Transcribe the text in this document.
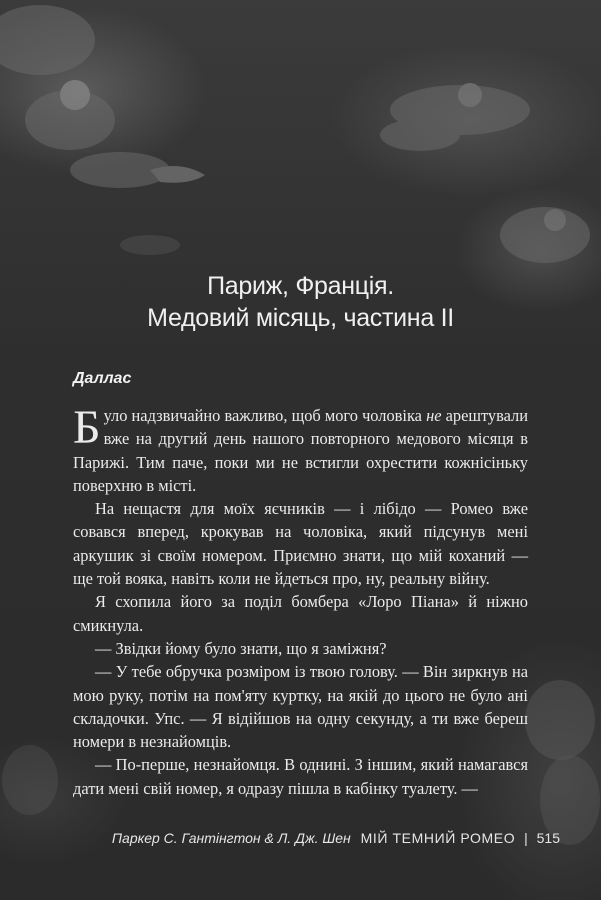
Париж, Франція.
Медовий місяць, частина II
Даллас

Було надзвичайно важливо, щоб мого чоловіка не арештували вже на другий день нашого повторного медового місяця в Парижі. Тим паче, поки ми не встигли охрестити кожнісіньку поверхню в місті.

На нещастя для моїх яєчників — і лібідо — Ромео вже совався вперед, крокував на чоловіка, який підсунув мені аркушик зі своїм номером. Приємно знати, що мій коханий — ще той вояка, навіть коли не йдеться про, ну, реальну війну.

Я схопила його за поділ бомбера «Лоро Піана» й ніжно смикнула.

— Звідки йому було знати, що я заміжня?

— У тебе обручка розміром із твою голову. — Він зиркнув на мою руку, потім на пом'яту куртку, на якій до цього не було ані складочки. Упс. — Я відійшов на одну секунду, а ти вже береш номери в незнайомців.

— По-перше, незнайомця. В однині. З іншим, який намагався дати мені свій номер, я одразу пішла в кабінку туалету. —

Паркер С. Гантінгтон & Л. Дж. Шен МІЙ ТЕМНИЙ РОМЕО | 515
